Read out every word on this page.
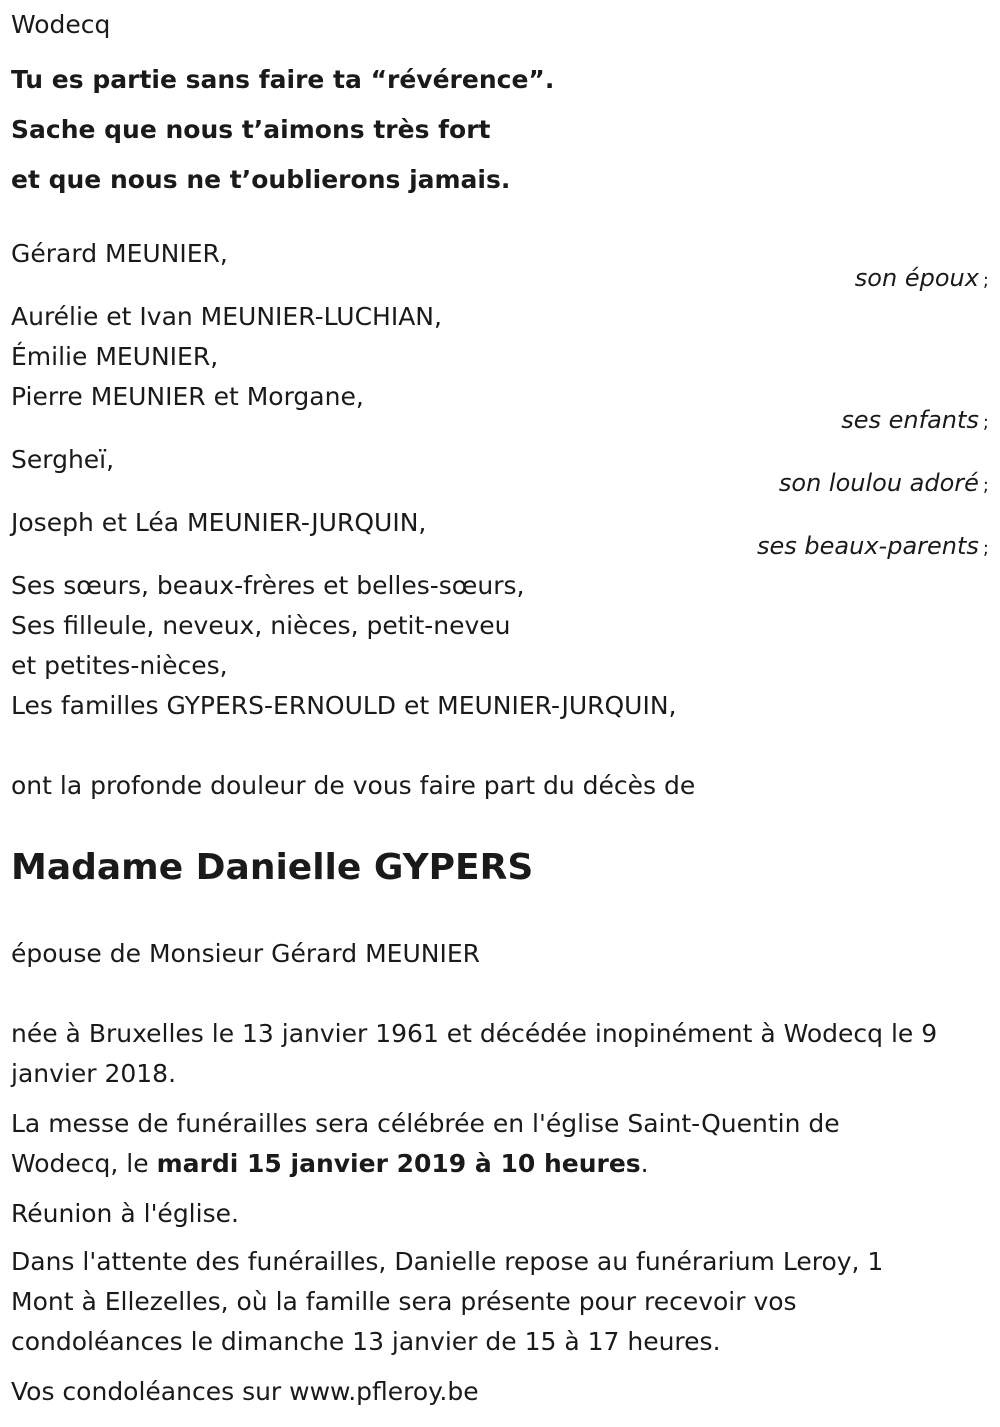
Wodecq
Tu es partie sans faire ta “révérence”.
Sache que nous t’aimons très fort
et que nous ne t’oublierons jamais.
Gérard MEUNIER,
son époux ;
Aurélie et Ivan MEUNIER-LUCHIAN,
Émilie MEUNIER,
Pierre MEUNIER et Morgane,
ses enfants ;
Sergheï,
son loulou adoré ;
Joseph et Léa MEUNIER-JURQUIN,
ses beaux-parents ;
Ses sœurs, beaux-frères et belles-sœurs,
Ses filleule, neveux, nièces, petit-neveu
et petites-nièces,
Les familles GYPERS-ERNOULD et MEUNIER-JURQUIN,
ont la profonde douleur de vous faire part du décès de
Madame Danielle GYPERS
épouse de Monsieur Gérard MEUNIER
née à Bruxelles le 13 janvier 1961 et décédée inopinément à Wodecq le 9
janvier 2018.
La messe de funérailles sera célébrée en l'église Saint-Quentin de
Wodecq, le mardi 15 janvier 2019 à 10 heures.
Réunion à l'église.
Dans l'attente des funérailles, Danielle repose au funérarium Leroy, 1
Mont à Ellezelles, où la famille sera présente pour recevoir vos
condoléances le dimanche 13 janvier de 15 à 17 heures.
Vos condoléances sur www.pfleroy.be
